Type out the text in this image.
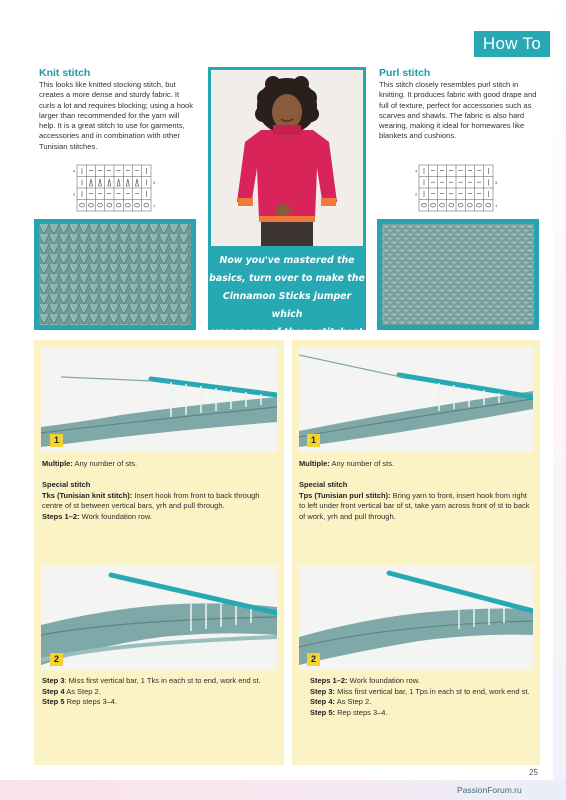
How To
Knit stitch
This looks like knitted stocking stitch, but creates a more dense and sturdy fabric. It curls a lot and requires blocking; using a hook larger than recommended for the yarn will help. It is a great stitch to use for garments, accessories and in combination with other Tunisian stitches.
4
3
2
1
Now you've mastered the
basics, turn over to make the
Cinnamon Sticks jumper which
uses some of these stitches!
Purl stitch
This stitch closely resembles purl stitch in knitting. It produces fabric with good drape and full of texture, perfect for accessories such as scarves and shawls. The fabric is also hard wearing, making it ideal for homewares like blankets and cushions.
4
3
2
1
1
Multiple: Any number of sts.
Special stitch
Tks (Tunisian knit stitch): Insert hook from front to back through centre of st between vertical bars, yrh and pull through.
Steps 1–2: Work foundation row.
2
Step 3: Miss first vertical bar, 1 Tks in each st to end, work end st.
Step 4 As Step 2.
Step 5 Rep steps 3–4.
1
Multiple: Any number of sts.
Special stitch
Tps (Tunisian purl stitch): Bring yarn to front, insert hook from right to left under front vertical bar of st, take yarn across front of st to back of work, yrh and pull through.
2
Steps 1–2: Work foundation row.
Step 3: Miss first vertical bar, 1 Tps in each st to end, work end st.
Step 4: As Step 2.
Step 5: Rep steps 3–4.
25
PassionForum.ru
